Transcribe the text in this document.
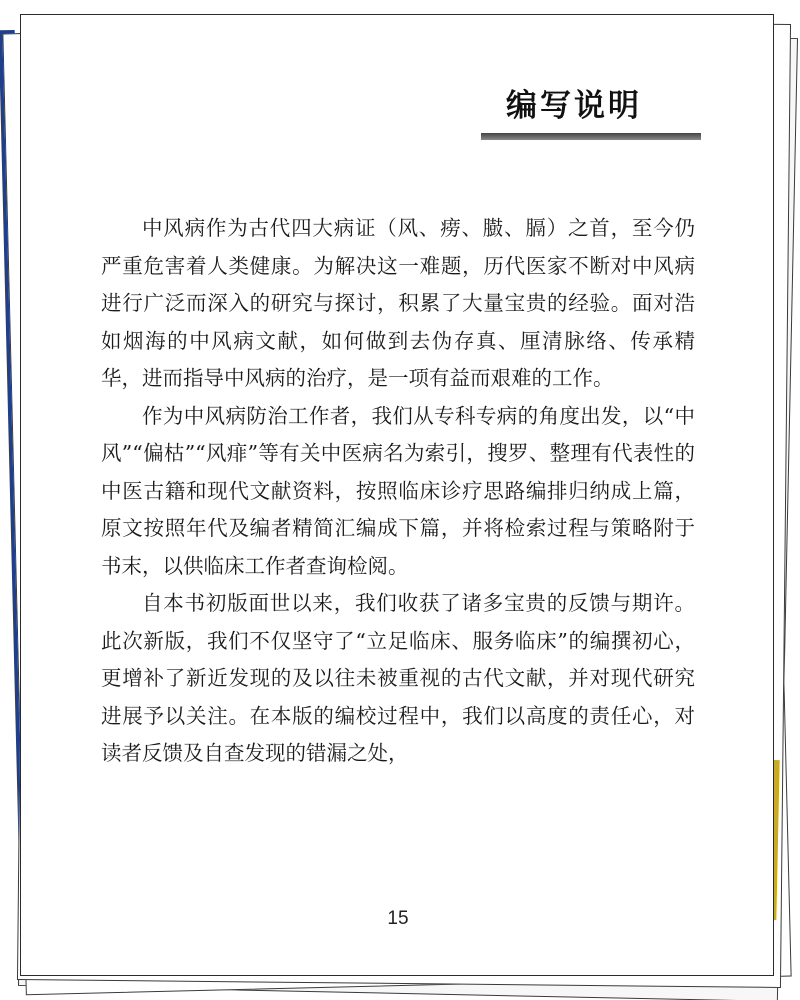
编写说明

中风病作为古代四大病证（风、痨、臌、膈）之首，至今仍严重危害着人类健康。为解决这一难题，历代医家不断对中风病进行广泛而深入的研究与探讨，积累了大量宝贵的经验。面对浩如烟海的中风病文献，如何做到去伪存真、厘清脉络、传承精华，进而指导中风病的治疗，是一项有益而艰难的工作。

作为中风病防治工作者，我们从专科专病的角度出发，以“中风”“偏枯”“风痱”等有关中医病名为索引，搜罗、整理有代表性的中医古籍和现代文献资料，按照临床诊疗思路编排归纳成上篇，原文按照年代及编者精简汇编成下篇，并将检索过程与策略附于书末，以供临床工作者查询检阅。

自本书初版面世以来，我们收获了诸多宝贵的反馈与期许。此次新版，我们不仅坚守了“立足临床、服务临床”的编撰初心，更增补了新近发现的及以往未被重视的古代文献，并对现代研究进展予以关注。在本版的编校过程中，我们以高度的责任心，对读者反馈及自查发现的错漏之处，

15
